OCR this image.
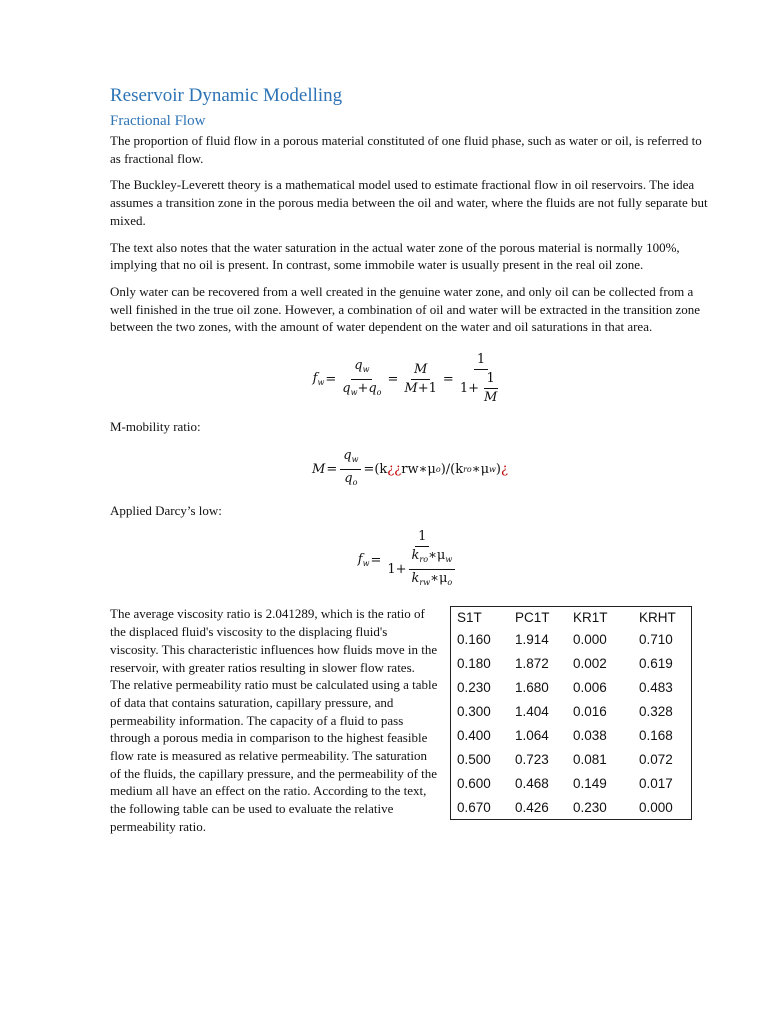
Reservoir Dynamic Modelling
Fractional Flow

The proportion of fluid flow in a porous material constituted of one fluid phase, such as water or oil, is referred to as fractional flow.

The Buckley-Leverett theory is a mathematical model used to estimate fractional flow in oil reservoirs. The idea assumes a transition zone in the porous media between the oil and water, where the fluids are not fully separate but mixed.

The text also notes that the water saturation in the actual water zone of the porous material is normally 100%, implying that no oil is present. In contrast, some immobile water is usually present in the real oil zone.

Only water can be recovered from a well created in the genuine water zone, and only oil can be collected from a well finished in the true oil zone. However, a combination of oil and water will be extracted in the transition zone between the two zones, with the amount of water dependent on the water and oil saturations in that area.

$f_w = \frac{q_w}{q_w+q_o} = \frac{M}{M+1} = \frac{1}{1 + \frac{1}{M}}$

M-mobility ratio:

$M = \frac{q_w}{q_o} =(k$ ¿¿ rw∗μ o )/(k ro ∗ μ w ) ¿

Applied Darcy’s low:

$f_w = \frac{1}{1 + \frac{k_{ro}∗\mu_w}{k_{rw}∗\mu_o}}$

The average viscosity ratio is 2.041289, which is the ratio of the displaced fluid's viscosity to the displacing fluid's viscosity. This characteristic influences how fluids move in the reservoir, with greater ratios resulting in slower flow rates. The relative permeability ratio must be calculated using a table of data that contains saturation, capillary pressure, and permeability information. The capacity of a fluid to pass through a porous media in comparison to the highest feasible flow rate is measured as relative permeability. The saturation of the fluids, the capillary pressure, and the permeability of the medium all have an effect on the ratio. According to the text, the following table can be used to evaluate the relative permeability ratio.

S1T	PC1T	KR1T	KRHT
0.160	1.914	0.000	0.710
0.180	1.872	0.002	0.619
0.230	1.680	0.006	0.483
0.300	1.404	0.016	0.328
0.400	1.064	0.038	0.168
0.500	0.723	0.081	0.072
0.600	0.468	0.149	0.017
0.670	0.426	0.230	0.000
